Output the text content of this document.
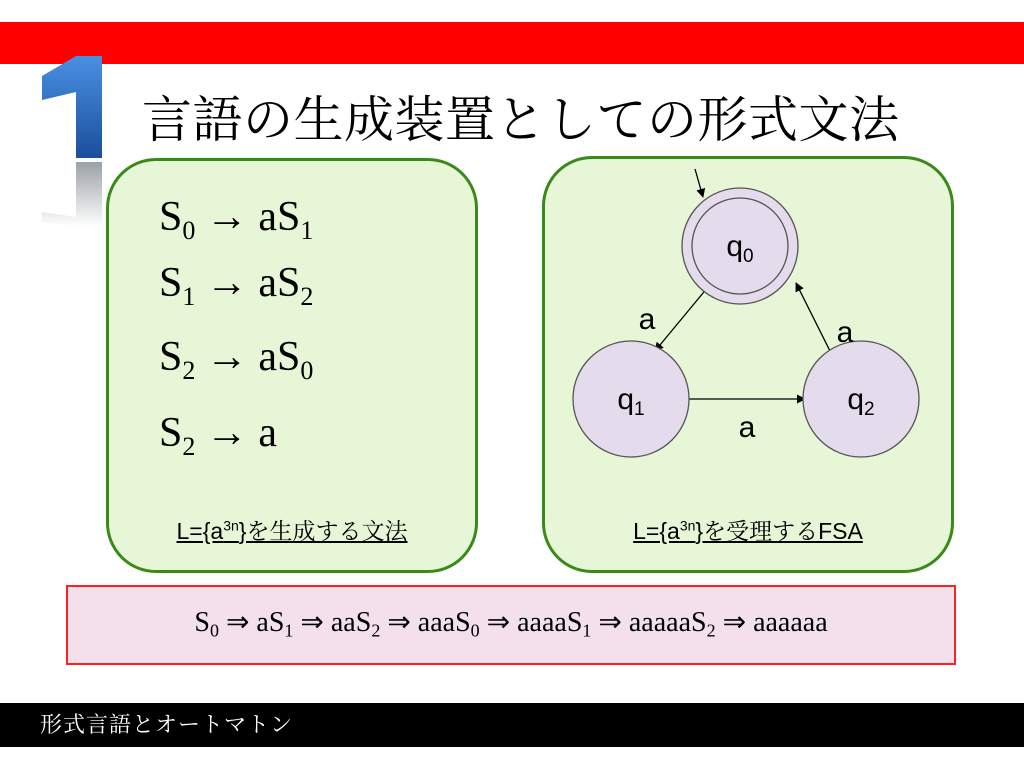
言語の生成装置としての形式文法
$S_0 \to aS_1$
$S_1 \to aS_2$
$S_2 \to aS_0$
$S_2 \to a$
$L=\{a^{3n}\}$を生成する文法
$q_0$
$q_1$	$q_2$
a
a
a
$L=\{a^{3n}\}$を受理するFSA
$S_0$ ⇒ $aS_1$ ⇒ aaS$_2$ ⇒ aaaS$_0$ ⇒ aaaaS$_1$ ⇒ aaaaaS$_2$ ⇒ aaaaaa
形式言語とオートマトン
